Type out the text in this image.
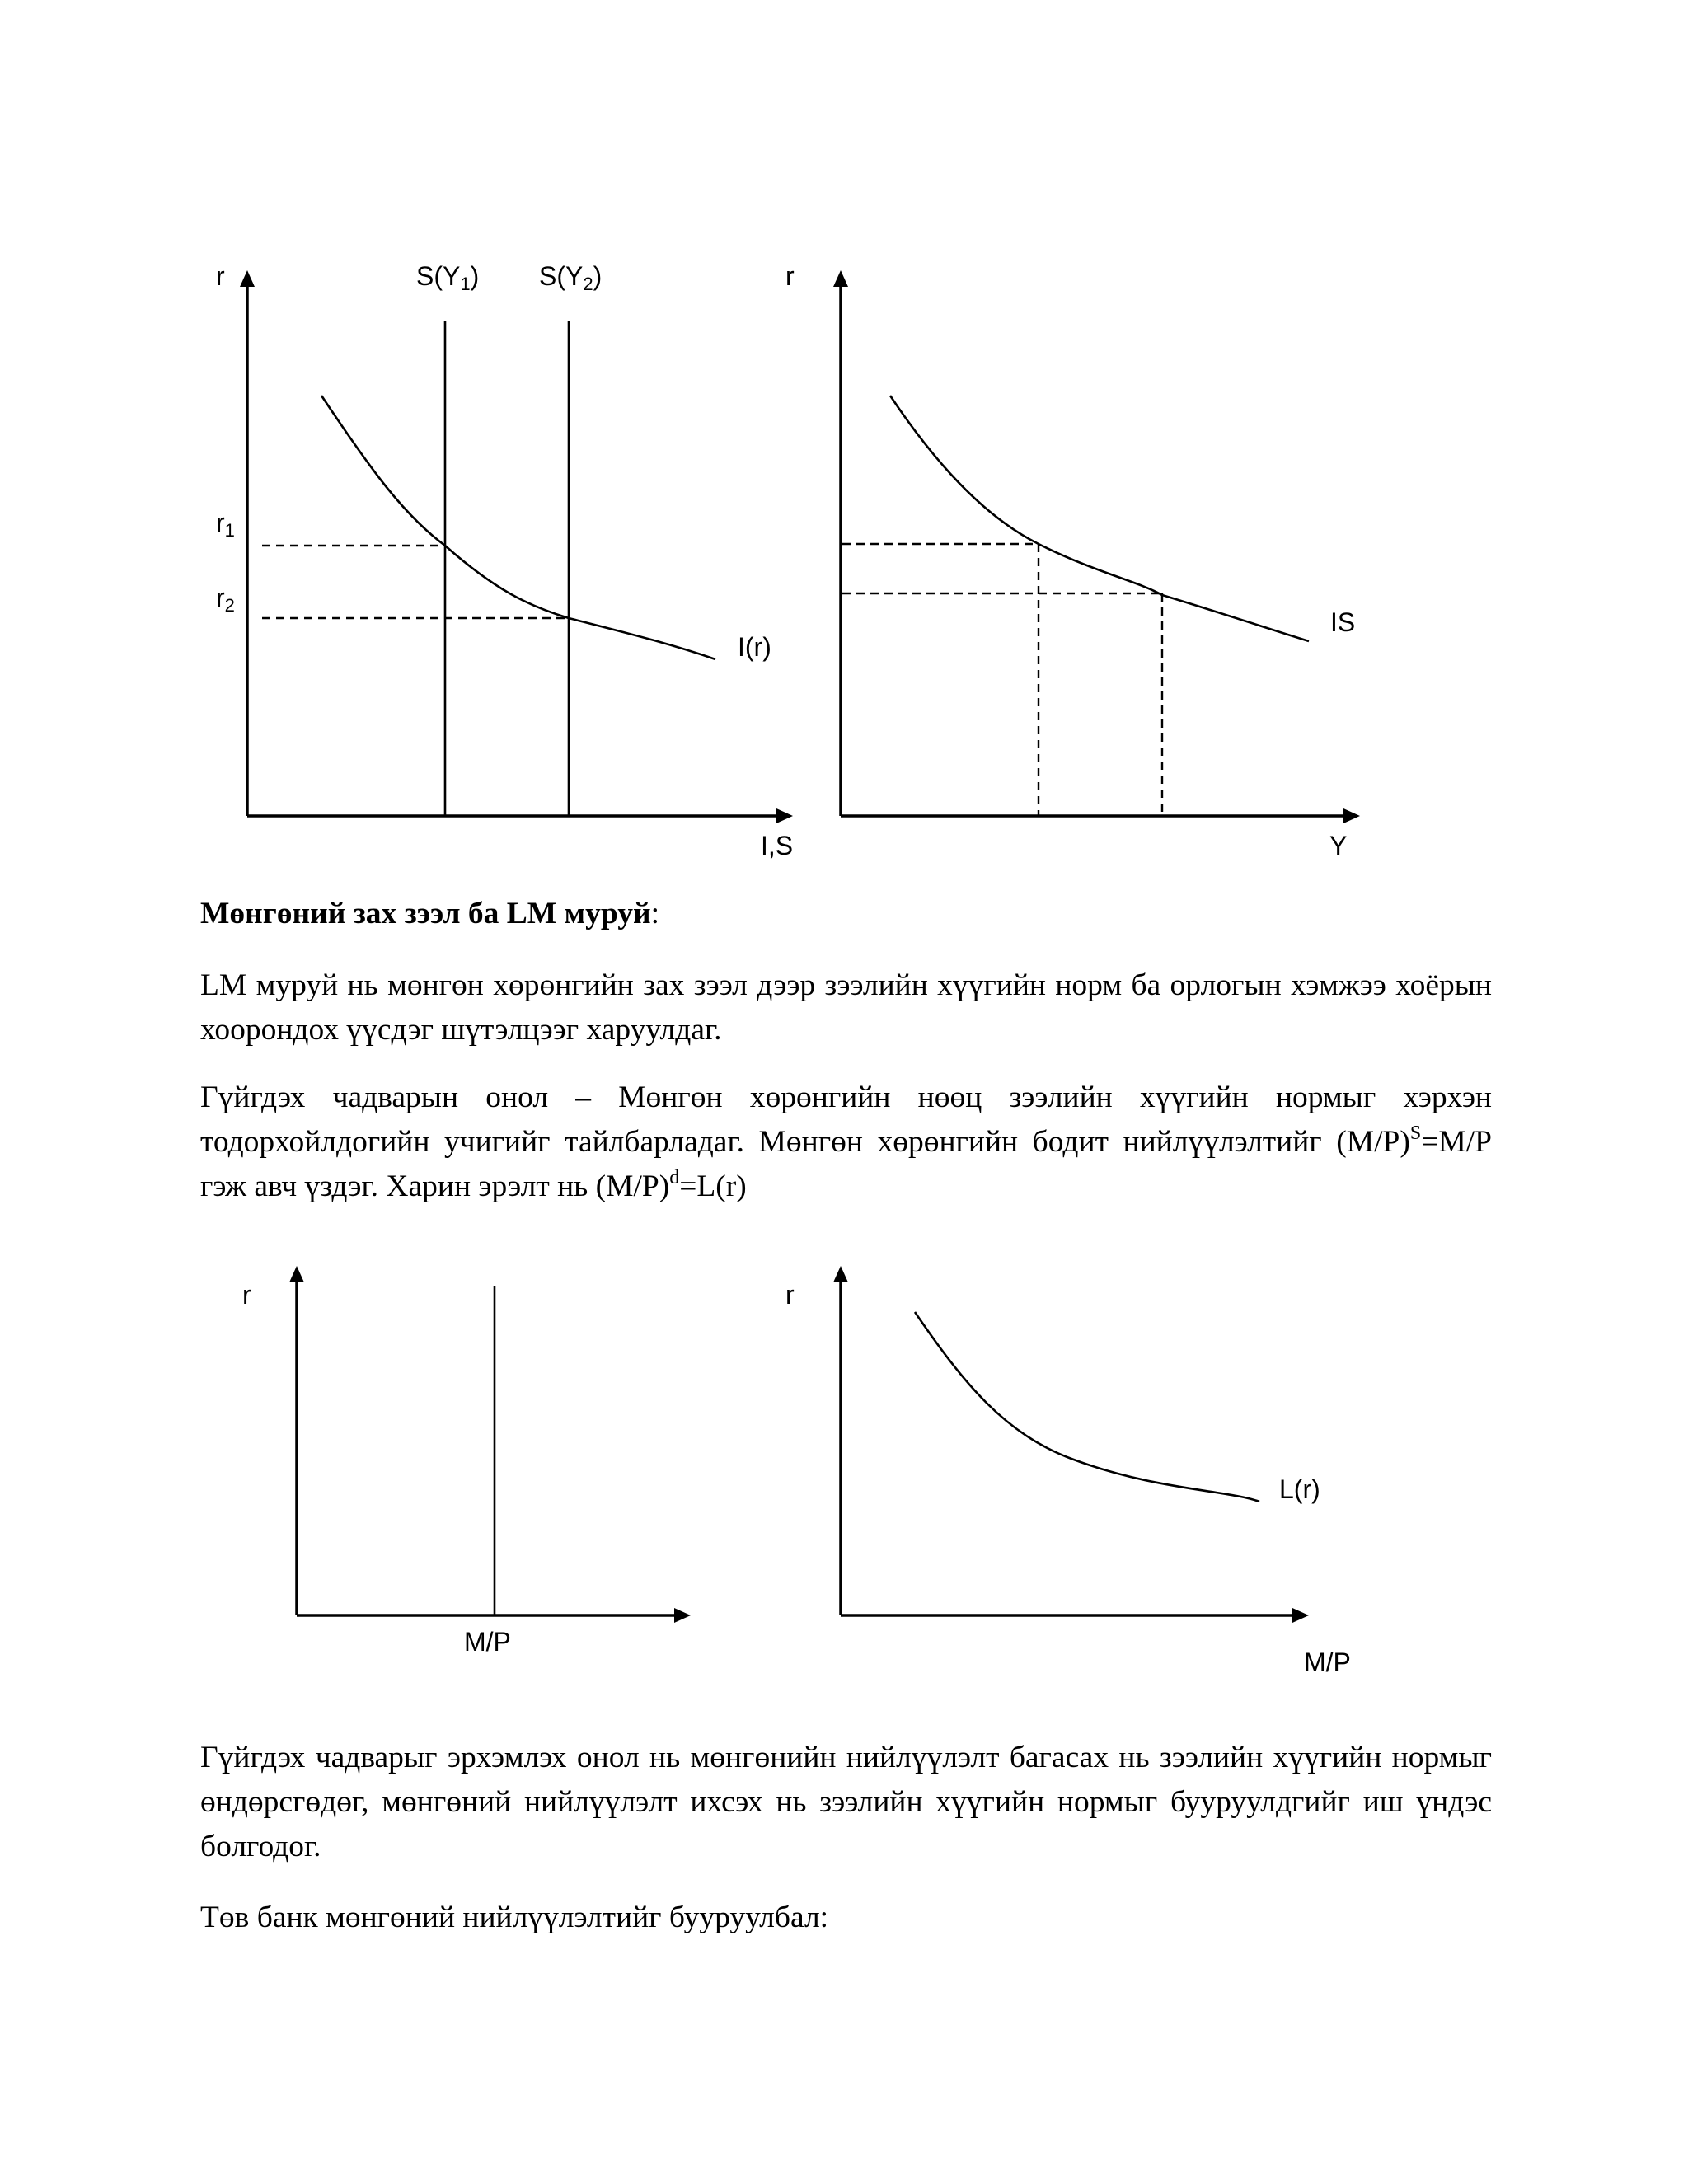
r
I,S
S(Y1) S(Y2)
I(r)
r1
r2
r
Y
IS

Мөнгөний зах зээл ба LM муруй:

LM муруй нь мөнгөн хөрөнгийн зах зээл дээр зээлийн хүүгийн норм ба орлогын хэмжээ хоёрын хоорондох үүсдэг шүтэлцээг харуулдаг.

Гүйгдэх чадварын онол – Мөнгөн хөрөнгийн нөөц зээлийн хүүгийн нормыг хэрхэн тодорхойлдогийн учигийг тайлбарладаг. Мөнгөн хөрөнгийн бодит нийлүүлэлтийг $(M/P)^S=M/P$ гэж авч үздэг. Харин эрэлт нь $(M/P)^d=L(r)$

r
M/P
r
L(r)
M/P

Гүйгдэх чадварыг эрхэмлэх онол нь мөнгөнийн нийлүүлэлт багасах нь зээлийн хүүгийн нормыг өндөрсгөдөг, мөнгөний нийлүүлэлт ихсэх нь зээлийн хүүгийн нормыг бууруулдгийг иш үндэс болгодог.

Төв банк мөнгөний нийлүүлэлтийг бууруулбал:
